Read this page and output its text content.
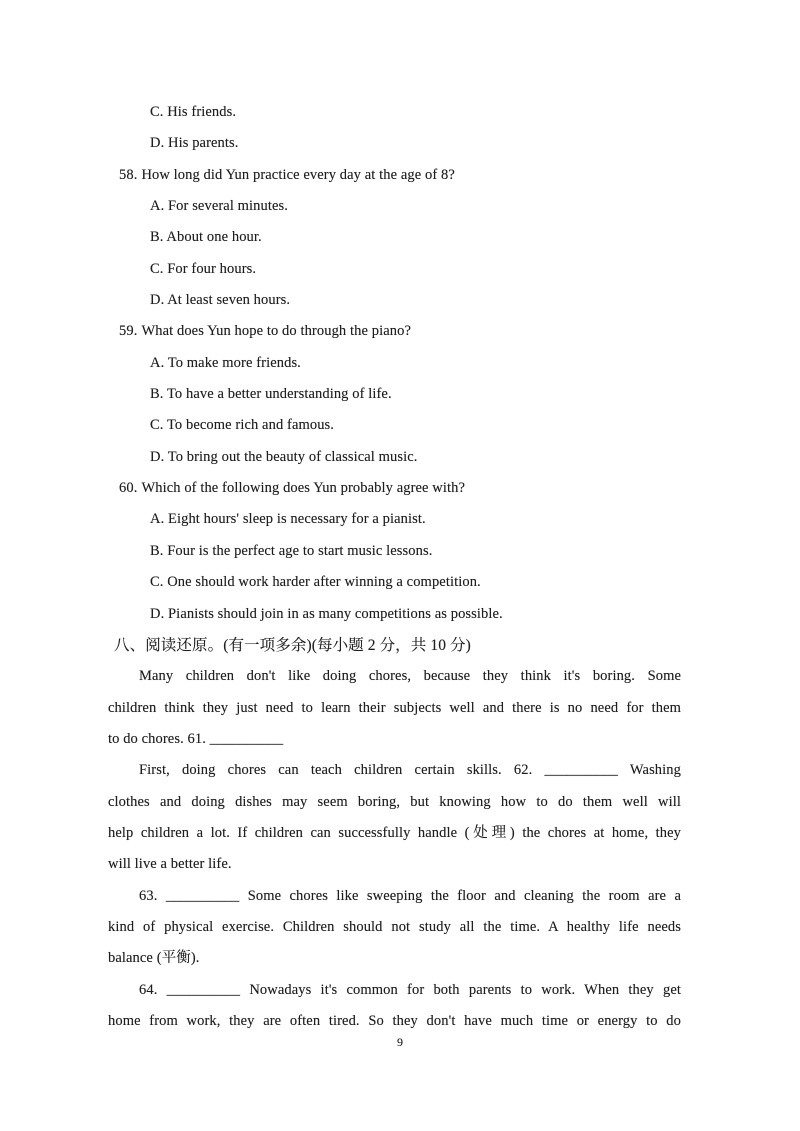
C. His friends.
D. His parents.
58. How long did Yun practice every day at the age of 8?
A. For several minutes.
B. About one hour.
C. For four hours.
D. At least seven hours.
59. What does Yun hope to do through the piano?
A. To make more friends.
B. To have a better understanding of life.
C. To become rich and famous.
D. To bring out the beauty of classical music.
60. Which of the following does Yun probably agree with?
A. Eight hours' sleep is necessary for a pianist.
B. Four is the perfect age to start music lessons.
C. One should work harder after winning a competition.
D. Pianists should join in as many competitions as possible.
八、阅读还原。(有一项多余)(每小题 2 分，共 10 分)
Many children don't like doing chores, because they think it's boring. Some
children think they just need to learn their subjects well and there is no need for them
to do chores. 61. __________
First, doing chores can teach children certain skills. 62. __________ Washing
clothes and doing dishes may seem boring, but knowing how to do them well will
help children a lot. If children can successfully handle (处理) the chores at home, they
will live a better life.
63. __________ Some chores like sweeping the floor and cleaning the room are a
kind of physical exercise. Children should not study all the time. A healthy life needs
balance (平衡).
64. __________ Nowadays it's common for both parents to work. When they get
home from work, they are often tired. So they don't have much time or energy to do
9
